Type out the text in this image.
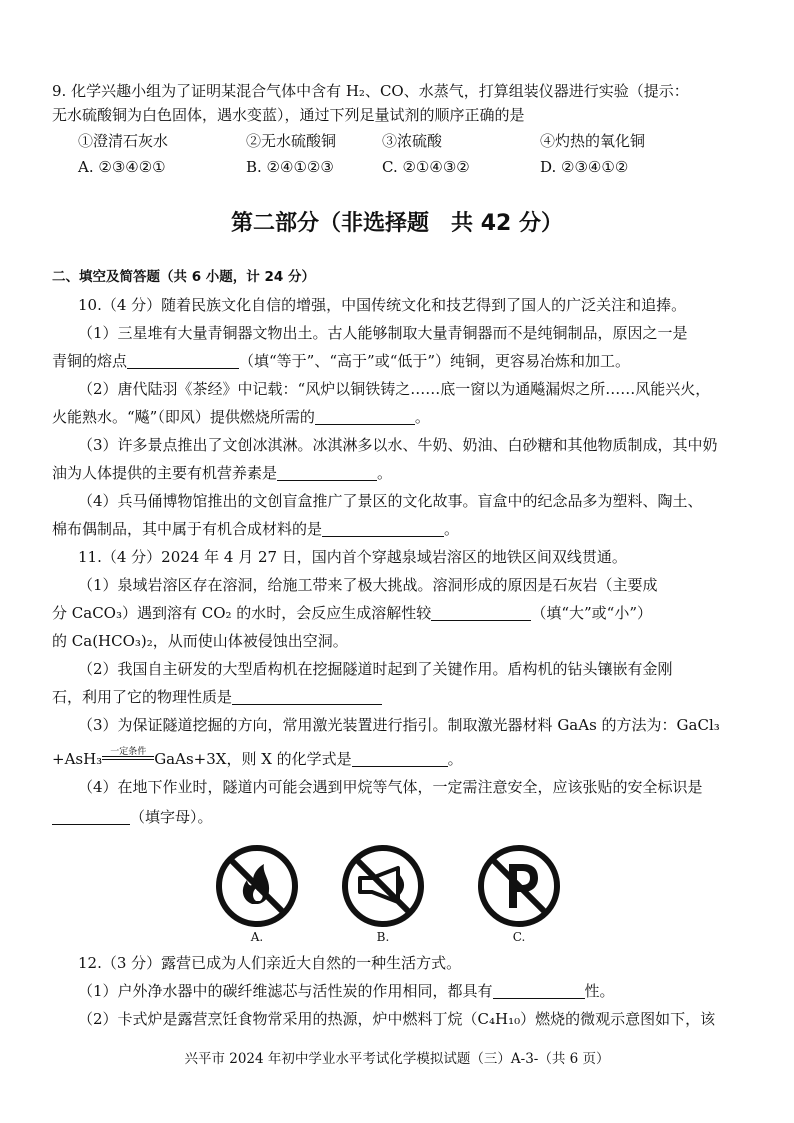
9. 化学兴趣小组为了证明某混合气体中含有 H₂、CO、水蒸气，打算组装仪器进行实验（提示：
无水硫酸铜为白色固体，遇水变蓝），通过下列足量试剂的顺序正确的是
①澄清石灰水	②无水硫酸铜	③浓硫酸	④灼热的氧化铜
A. ②③④②①	B. ②④①②③	C. ②①④③②	D. ②③④①②
第二部分（非选择题　共 42 分）
二、填空及简答题（共 6 小题，计 24 分）
10.（4 分）随着民族文化自信的增强，中国传统文化和技艺得到了国人的广泛关注和追捧。
（1）三星堆有大量青铜器文物出土。古人能够制取大量青铜器而不是纯铜制品，原因之一是
青铜的熔点	（填“等于”、“高于”或“低于”）纯铜，更容易冶炼和加工。
（2）唐代陆羽《茶经》中记载：“风炉以铜铁铸之……底一窗以为通飚漏烬之所……风能兴火，
火能熟水。“飚”（即风）提供燃烧所需的	。
（3）许多景点推出了文创冰淇淋。冰淇淋多以水、牛奶、奶油、白砂糖和其他物质制成，其中奶
油为人体提供的主要有机营养素是	。
（4）兵马俑博物馆推出的文创盲盒推广了景区的文化故事。盲盒中的纪念品多为塑料、陶土、
棉布偶制品，其中属于有机合成材料的是	。
11.（4 分）2024 年 4 月 27 日，国内首个穿越泉域岩溶区的地铁区间双线贯通。
（1）泉域岩溶区存在溶洞，给施工带来了极大挑战。溶洞形成的原因是石灰岩（主要成
分 CaCO₃）遇到溶有 CO₂ 的水时，会反应生成溶解性较	（填“大”或“小”）
的 Ca(HCO₃)₂，从而使山体被侵蚀出空洞。
（2）我国自主研发的大型盾构机在挖掘隧道时起到了关键作用。盾构机的钻头镶嵌有金刚
石，利用了它的物理性质是
（3）为保证隧道挖掘的方向，常用激光装置进行指引。制取激光器材料 GaAs 的方法为：GaCl₃
+AsH₃ 一定条件 GaAs+3X，则 X 的化学式是	。
（4）在地下作业时，隧道内可能会遇到甲烷等气体，一定需注意安全，应该张贴的安全标识是
（填字母）。
A.	B.	C.
12.（3 分）露营已成为人们亲近大自然的一种生活方式。
（1）户外净水器中的碳纤维滤芯与活性炭的作用相同，都具有	性。
（2）卡式炉是露营烹饪食物常采用的热源，炉中燃料丁烷（C₄H₁₀）燃烧的微观示意图如下，该
兴平市 2024 年初中学业水平考试化学模拟试题（三）A-3-（共 6 页）
